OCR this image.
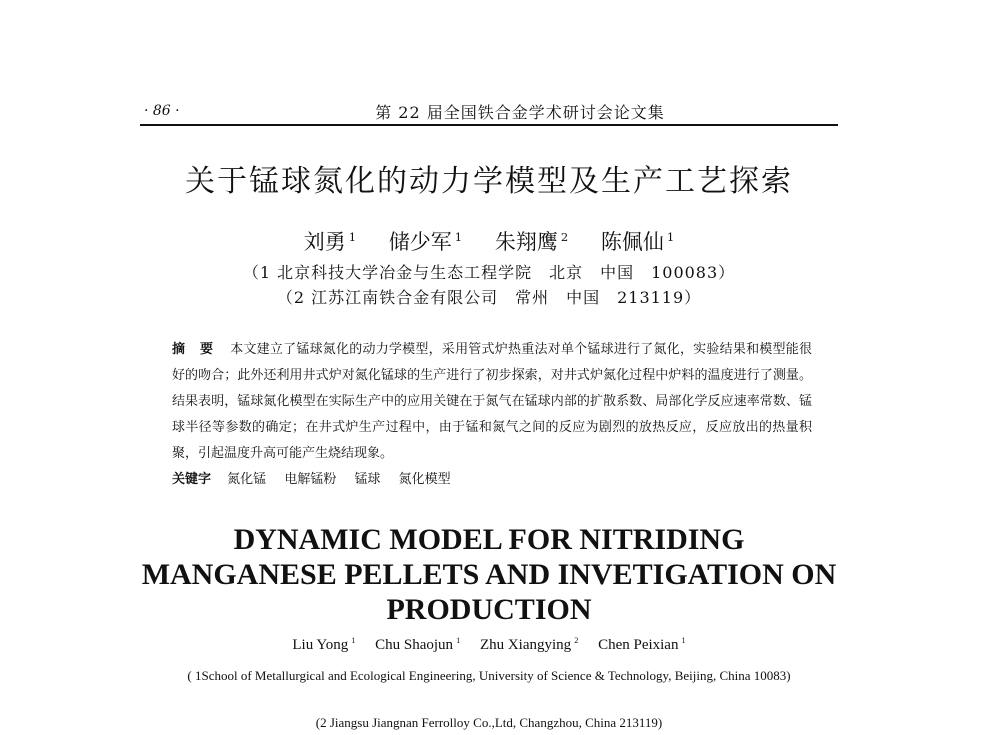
· 86 ·	第 22 届全国铁合金学术研讨会论文集
关于锰球氮化的动力学模型及生产工艺探索
刘勇 $^1$ 储少军 $^1$ 朱翔鹰 $^2$ 陈佩仙 $^1$
（1 北京科技大学冶金与生态工程学院　北京　中国　100083）
（2 江苏江南铁合金有限公司　常州　中国　213119）
摘 要 本文建立了锰球氮化的动力学模型，采用管式炉热重法对单个锰球进行了氮化，实验结果和模型能很好的吻合；此外还利用井式炉对氮化锰球的生产进行了初步探索，对井式炉氮化过程中炉料的温度进行了测量。结果表明，锰球氮化模型在实际生产中的应用关键在于氮气在锰球内部的扩散系数、局部化学反应速率常数、锰球半径等参数的确定；在井式炉生产过程中，由于锰和氮气之间的反应为剧烈的放热反应，反应放出的热量积聚，引起温度升高可能产生烧结现象。
关键字 氮化锰 电解锰粉 锰球 氮化模型
DYNAMIC MODEL FOR NITRIDING MANGANESE PELLETS AND INVETIGATION ON PRODUCTION
Liu Yong $^1$ Chu Shaojun $^1$ Zhu Xiangying $^2$ Chen Peixian $^1$
( 1School of Metallurgical and Ecological Engineering, University of Science & Technology, Beijing, China 10083)
(2 Jiangsu Jiangnan Ferrolloy Co.,Ltd, Changzhou, China 213119)
